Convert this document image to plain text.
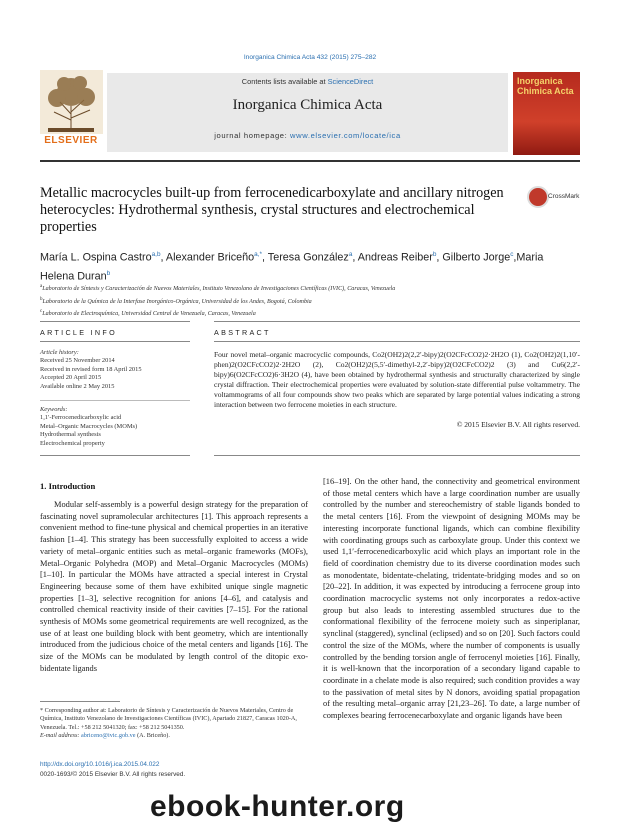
Inorganica Chimica Acta 432 (2015) 275–282
ELSEVIER
Contents lists available at ScienceDirect
Inorganica Chimica Acta
journal homepage: www.elsevier.com/locate/ica
Inorganica Chimica Acta
Metallic macrocycles built-up from ferrocenedicarboxylate and ancillary nitrogen heterocycles: Hydrothermal synthesis, crystal structures and electrochemical properties
CrossMark
María L. Ospina Castro$^{a,b}$, Alexander Briceño$^{a,*}$, Teresa González$^a$, Andreas Reiber$^b$, Gilberto Jorge$^c$,Maria Helena Duran$^b$
$^a$Laboratorio de Síntesis y Caracterización de Nuevos Materiales, Instituto Venezolano de Investigaciones Científicas (IVIC), Caracas, Venezuela
$^b$Laboratorio de la Química de la Interfase Inorgánico-Orgánica, Universidad de los Andes, Bogotá, Colombia
$^c$Laboratorio de Electroquímica, Universidad Central de Venezuela, Caracas, Venezuela
ARTICLE INFO
Article history:
Received 25 November 2014
Received in revised form 18 April 2015
Accepted 20 April 2015
Available online 2 May 2015
Keywords:
1,1′-Ferrocenedicarboxylic acid
Metal–Organic Macrocycles (MOMs)
Hydrothermal synthesis
Electrochemical property
ABSTRACT
Four novel metal–organic macrocyclic compounds, Co2(OH2)2(2,2′-bipy)2(O2CFcCO2)2·2H2O (1), Co2(OH2)2(1,10′-phen)2(O2CFcCO2)2·2H2O (2), Co2(OH2)2(5,5′-dimethyl-2,2′-bipy)2(O2CFcCO2)2 (3) and Cu6(2,2′-bipy)6(O2CFcCO2)6·3H2O (4), have been obtained by hydrothermal synthesis and structurally characterized by single crystal diffraction. Their electrochemical properties were evaluated by solution-state differential pulse voltammetry. The voltammograms of all four compounds show two peaks which are separated by large potential values indicating a strong interaction between two ferrocene moieties in each structure.
© 2015 Elsevier B.V. All rights reserved.
1. Introduction
Modular self-assembly is a powerful design strategy for the preparation of fascinating novel supramolecular architectures [1]. This approach represents a convenient method to fine-tune physical and chemical properties in an iterative fashion [1–4]. This strategy has been successfully exploited to access a wide variety of metal–organic entities such as metal–organic frameworks (MOFs), Metal–Organic Polyhedra (MOP) and Metal–Organic Macrocycles (MOMs) [1–10]. In particular the MOMs have attracted a special interest in Crystal Engineering because some of them have exhibited unique single magnetic properties [1–3], selective recognition for anions [4–6], and catalysis and controlled chemical reactivity inside of their cavities [7–15]. For the rational synthesis of MOMs some geometrical requirements are well recognized, as the use of at least one building block with bent geometry, which are intentionally introduced from the judicious choice of the metal centers and ligands [16]. The size of the MOMs can be modulated by length control of the ditopic exo-bidentate ligands
[16–19]. On the other hand, the connectivity and geometrical environment of those metal centers which have a large coordination number are usually controlled by the number and stereochemistry of stable ligands bonded to the metal centers [16]. From the viewpoint of designing MOMs may be interesting incorporate functional ligands, which can combine flexibility with coordinating groups such as carboxylate group. Under this context we used 1,1′-ferrocenedicarboxylic acid which plays an important role in the field of coordination chemistry due to its diverse coordination modes such as monodentate, bidentate-chelating, tridentate-bridging modes and so on [20–22]. In addition, it was expected by introducing a ferrocene group into coordination macrocyclic systems not only incorporates a redox-active group but also leads to interesting assembled structures due to the conformational flexibility of the ferrocene moiety such as sinperiplanar, synclinal (staggered), synclinal (eclipsed) and so on [20]. Such factors could control the size of the MOMs, where the number of components is usually controlled by the bending torsion angle of ferrocenyl moieties [16]. Finally, it is well-known that the incorporation of a secondary ligand capable to coordinate in a chelate mode is also required; such condition provides a way to the passivation of metal sites by N donors, avoiding spatial propagation of the resulting metal–organic array [21,23–26]. To date, a large number of complexes bearing ferrocenecarboxylate and organic ligands have been
* Corresponding author at: Laboratorio de Síntesis y Caracterización de Nuevos Materiales, Centro de Química, Instituto Venezolano de Investigaciones Científicas (IVIC), Apartado 21827, Caracas 1020-A, Venezuela. Tel.: +58 212 5041320; fax: +58 212 5041350.
E-mail address: abriceno@ivic.gob.ve (A. Briceño).
http://dx.doi.org/10.1016/j.ica.2015.04.022
0020-1693/© 2015 Elsevier B.V. All rights reserved.
ebook-hunter.org
